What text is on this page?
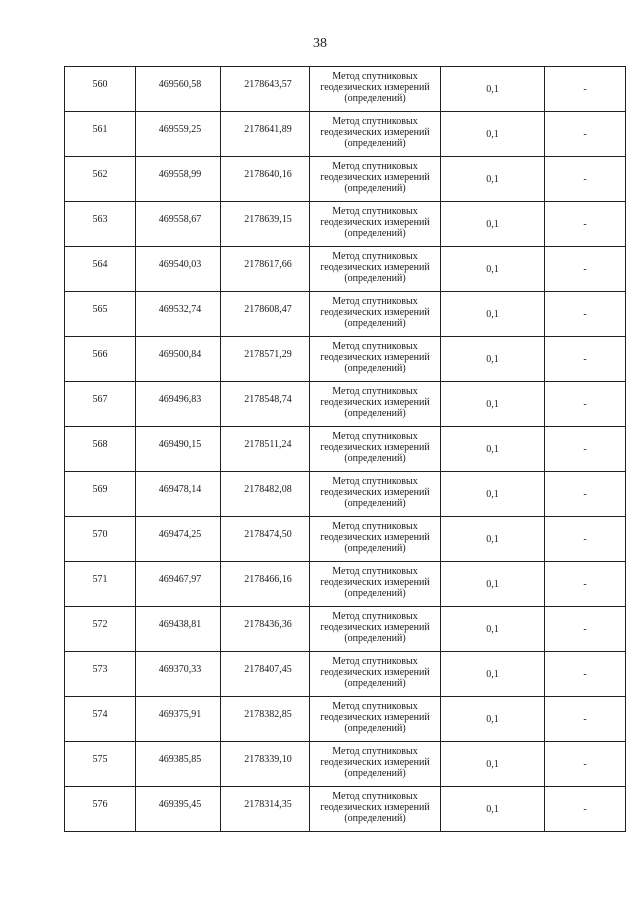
38
560	469560,58	2178643,57	Метод спутниковых
геодезических измерений
(определений)	0,1	-
561	469559,25	2178641,89	Метод спутниковых
геодезических измерений
(определений)	0,1	-
562	469558,99	2178640,16	Метод спутниковых
геодезических измерений
(определений)	0,1	-
563	469558,67	2178639,15	Метод спутниковых
геодезических измерений
(определений)	0,1	-
564	469540,03	2178617,66	Метод спутниковых
геодезических измерений
(определений)	0,1	-
565	469532,74	2178608,47	Метод спутниковых
геодезических измерений
(определений)	0,1	-
566	469500,84	2178571,29	Метод спутниковых
геодезических измерений
(определений)	0,1	-
567	469496,83	2178548,74	Метод спутниковых
геодезических измерений
(определений)	0,1	-
568	469490,15	2178511,24	Метод спутниковых
геодезических измерений
(определений)	0,1	-
569	469478,14	2178482,08	Метод спутниковых
геодезических измерений
(определений)	0,1	-
570	469474,25	2178474,50	Метод спутниковых
геодезических измерений
(определений)	0,1	-
571	469467,97	2178466,16	Метод спутниковых
геодезических измерений
(определений)	0,1	-
572	469438,81	2178436,36	Метод спутниковых
геодезических измерений
(определений)	0,1	-
573	469370,33	2178407,45	Метод спутниковых
геодезических измерений
(определений)	0,1	-
574	469375,91	2178382,85	Метод спутниковых
геодезических измерений
(определений)	0,1	-
575	469385,85	2178339,10	Метод спутниковых
геодезических измерений
(определений)	0,1	-
576	469395,45	2178314,35	Метод спутниковых
геодезических измерений
(определений)	0,1	-
